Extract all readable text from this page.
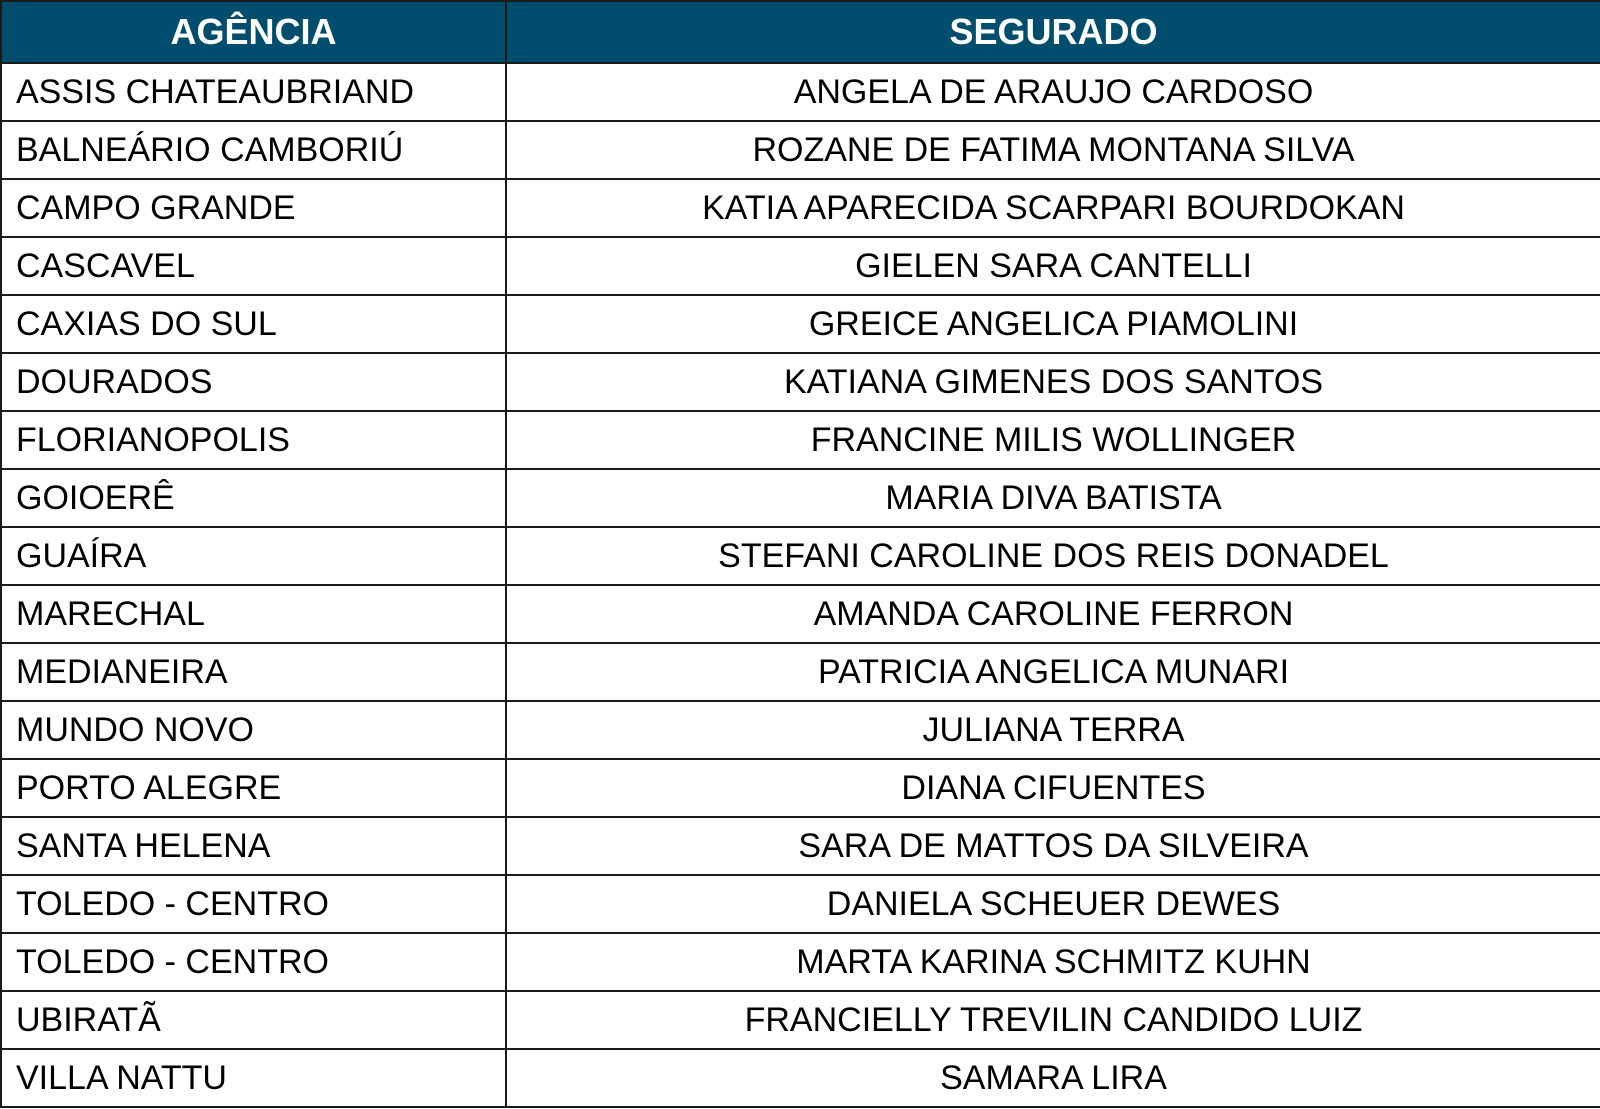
AGÊNCIA	SEGURADO
ASSIS CHATEAUBRIAND	ANGELA DE ARAUJO CARDOSO
BALNEÁRIO CAMBORIÚ	ROZANE DE FATIMA MONTANA SILVA
CAMPO GRANDE	KATIA APARECIDA SCARPARI BOURDOKAN
CASCAVEL	GIELEN SARA CANTELLI
CAXIAS DO SUL	GREICE ANGELICA PIAMOLINI
DOURADOS	KATIANA GIMENES DOS SANTOS
FLORIANOPOLIS	FRANCINE MILIS WOLLINGER
GOIOERÊ	MARIA DIVA BATISTA
GUAÍRA	STEFANI CAROLINE DOS REIS DONADEL
MARECHAL	AMANDA CAROLINE FERRON
MEDIANEIRA	PATRICIA ANGELICA MUNARI
MUNDO NOVO	JULIANA TERRA
PORTO ALEGRE	DIANA CIFUENTES
SANTA HELENA	SARA DE MATTOS DA SILVEIRA
TOLEDO - CENTRO	DANIELA SCHEUER DEWES
TOLEDO - CENTRO	MARTA KARINA SCHMITZ KUHN
UBIRATÃ	FRANCIELLY TREVILIN CANDIDO LUIZ
VILLA NATTU	SAMARA LIRA
